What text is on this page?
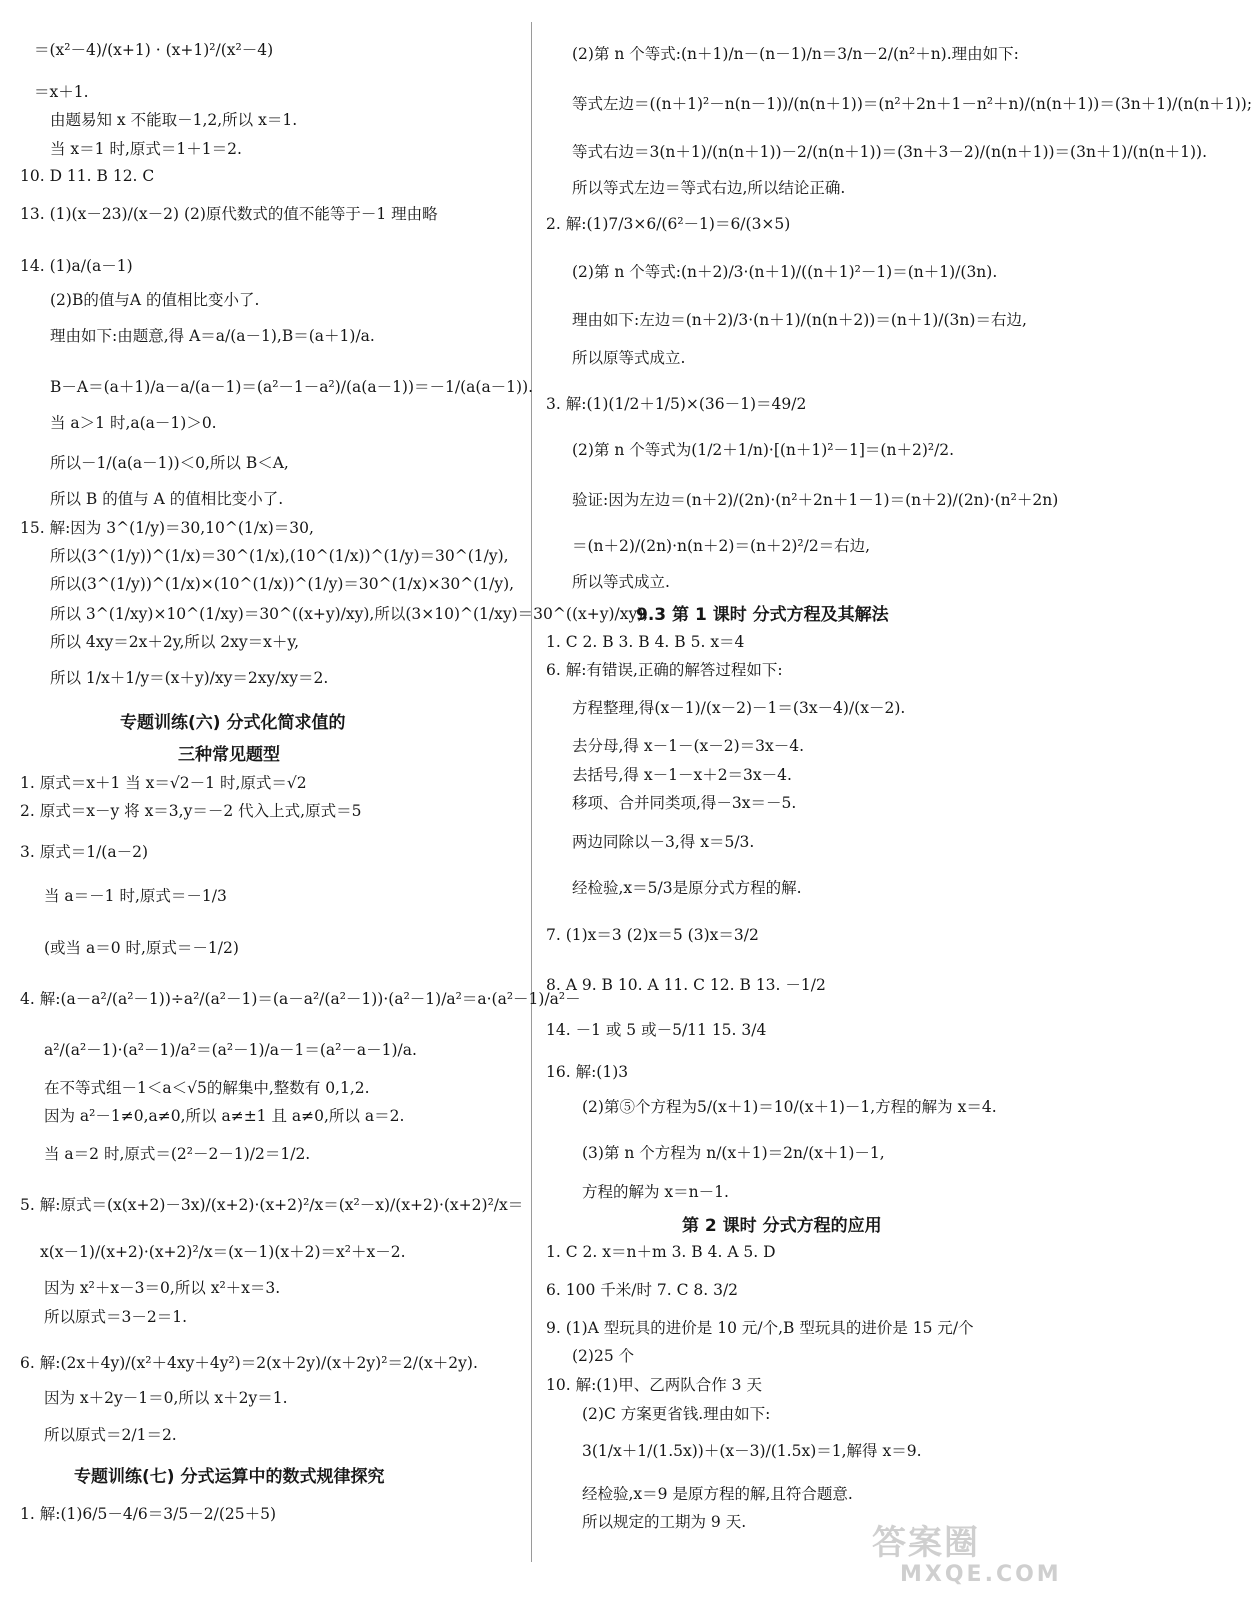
＝(x²－4)/(x+1) · (x+1)²/(x²－4)
＝x＋1.
由题易知 x 不能取－1,2,所以 x＝1.
当 x＝1 时,原式＝1＋1＝2.
10. D 11. B 12. C
13. (1)(x－23)/(x－2) (2)原代数式的值不能等于－1 理由略
14. (1)a/(a－1)
(2)B的值与A 的值相比变小了.
理由如下:由题意,得 A＝a/(a－1),B＝(a＋1)/a.
B－A＝(a＋1)/a－a/(a－1)＝(a²－1－a²)/(a(a－1))＝－1/(a(a－1)).
当 a＞1 时,a(a－1)＞0.
所以－1/(a(a－1))＜0,所以 B＜A,
所以 B 的值与 A 的值相比变小了.
15. 解:因为 3^(1/y)＝30,10^(1/x)＝30,
所以(3^(1/y))^(1/x)＝30^(1/x),(10^(1/x))^(1/y)＝30^(1/y),
所以(3^(1/y))^(1/x)×(10^(1/x))^(1/y)＝30^(1/x)×30^(1/y),
所以 3^(1/xy)×10^(1/xy)＝30^((x+y)/xy),所以(3×10)^(1/xy)＝30^((x+y)/xy),
所以 4xy＝2x＋2y,所以 2xy＝x＋y,
所以 1/x＋1/y＝(x＋y)/xy＝2xy/xy＝2.
专题训练(六) 分式化简求值的
三种常见题型
1. 原式＝x＋1 当 x＝√2－1 时,原式＝√2
2. 原式＝x－y 将 x＝3,y＝－2 代入上式,原式＝5
3. 原式＝1/(a－2)
当 a＝－1 时,原式＝－1/3
(或当 a＝0 时,原式＝－1/2)
4. 解:(a－a²/(a²－1))÷a²/(a²－1)＝(a－a²/(a²－1))·(a²－1)/a²＝a·(a²－1)/a²－
a²/(a²－1)·(a²－1)/a²＝(a²－1)/a－1＝(a²－a－1)/a.
在不等式组－1＜a＜√5的解集中,整数有 0,1,2.
因为 a²－1≠0,a≠0,所以 a≠±1 且 a≠0,所以 a＝2.
当 a＝2 时,原式＝(2²－2－1)/2＝1/2.
5. 解:原式＝(x(x+2)－3x)/(x+2)·(x+2)²/x＝(x²－x)/(x+2)·(x+2)²/x＝
x(x－1)/(x+2)·(x+2)²/x＝(x－1)(x＋2)＝x²＋x－2.
因为 x²＋x－3＝0,所以 x²＋x＝3.
所以原式＝3－2＝1.
6. 解:(2x＋4y)/(x²＋4xy＋4y²)＝2(x＋2y)/(x＋2y)²＝2/(x＋2y).
因为 x＋2y－1＝0,所以 x＋2y＝1.
所以原式＝2/1＝2.
专题训练(七) 分式运算中的数式规律探究
1. 解:(1)6/5－4/6＝3/5－2/(25＋5)
(2)第 n 个等式:(n＋1)/n－(n－1)/n＝3/n－2/(n²＋n).理由如下:
等式左边＝((n＋1)²－n(n－1))/(n(n＋1))＝(n²＋2n＋1－n²＋n)/(n(n＋1))＝(3n＋1)/(n(n＋1));
等式右边＝3(n＋1)/(n(n＋1))－2/(n(n＋1))＝(3n＋3－2)/(n(n＋1))＝(3n＋1)/(n(n＋1)).
所以等式左边＝等式右边,所以结论正确.
2. 解:(1)7/3×6/(6²－1)＝6/(3×5)
(2)第 n 个等式:(n＋2)/3·(n＋1)/((n＋1)²－1)＝(n＋1)/(3n).
理由如下:左边＝(n＋2)/3·(n＋1)/(n(n＋2))＝(n＋1)/(3n)＝右边,
所以原等式成立.
3. 解:(1)(1/2＋1/5)×(36－1)＝49/2
(2)第 n 个等式为(1/2＋1/n)·[(n＋1)²－1]＝(n＋2)²/2.
验证:因为左边＝(n＋2)/(2n)·(n²＋2n＋1－1)＝(n＋2)/(2n)·(n²＋2n)
＝(n＋2)/(2n)·n(n＋2)＝(n＋2)²/2＝右边,
所以等式成立.
9.3 第 1 课时 分式方程及其解法
1. C 2. B 3. B 4. B 5. x＝4
6. 解:有错误,正确的解答过程如下:
方程整理,得(x－1)/(x－2)－1＝(3x－4)/(x－2).
去分母,得 x－1－(x－2)＝3x－4.
去括号,得 x－1－x＋2＝3x－4.
移项、合并同类项,得－3x＝－5.
两边同除以－3,得 x＝5/3.
经检验,x＝5/3是原分式方程的解.
7. (1)x＝3 (2)x＝5 (3)x＝3/2
8. A 9. B 10. A 11. C 12. B 13. －1/2
14. －1 或 5 或－5/11 15. 3/4
16. 解:(1)3
(2)第⑤个方程为5/(x＋1)＝10/(x＋1)－1,方程的解为 x＝4.
(3)第 n 个方程为 n/(x＋1)＝2n/(x＋1)－1,
方程的解为 x＝n－1.
第 2 课时 分式方程的应用
1. C 2. x＝n＋m 3. B 4. A 5. D
6. 100 千米/时 7. C 8. 3/2
9. (1)A 型玩具的进价是 10 元/个,B 型玩具的进价是 15 元/个
(2)25 个
10. 解:(1)甲、乙两队合作 3 天
(2)C 方案更省钱.理由如下:
3(1/x＋1/(1.5x))＋(x－3)/(1.5x)＝1,解得 x＝9.
经检验,x＝9 是原方程的解,且符合题意.
所以规定的工期为 9 天.
答案圈
MXQE.COM
